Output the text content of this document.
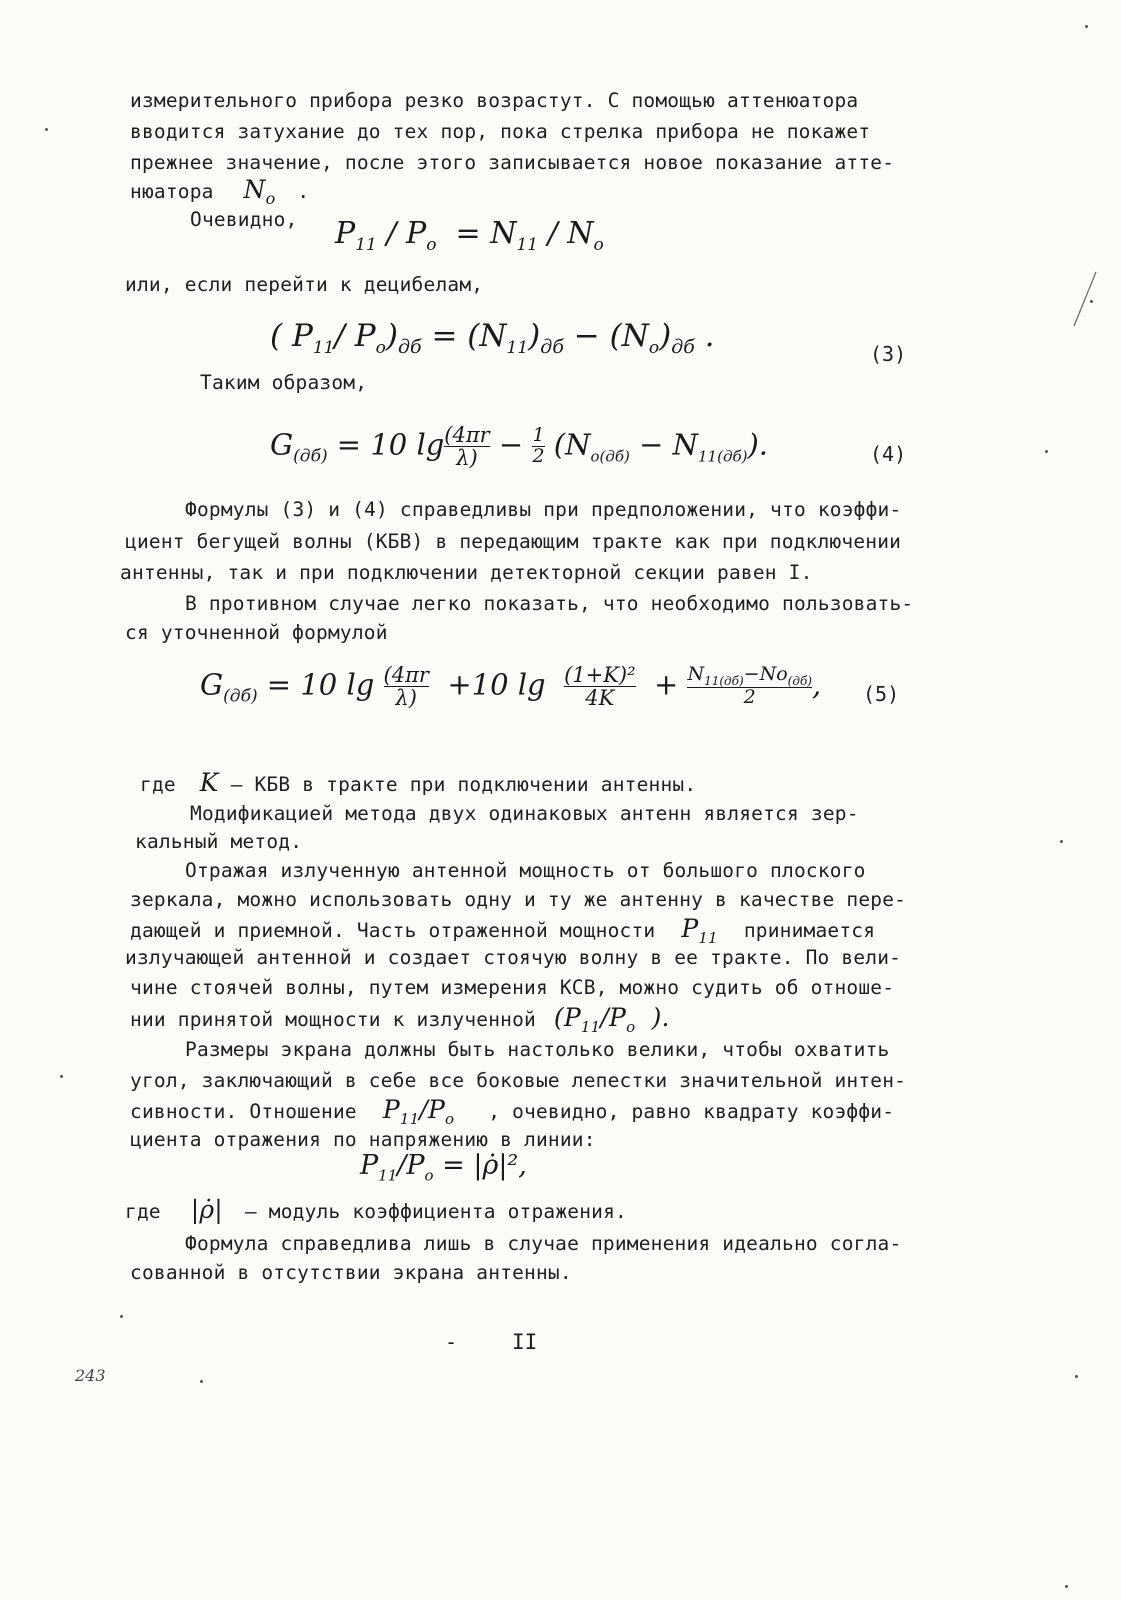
измерительного прибора резко возрастут. С помощью аттенюатора

вводится затухание до тех пор, пока стрелка прибора не покажет

прежнее значение, после этого записывается новое показание атте-

нюатора $N_o$ .

Очевидно, $P_{11} / P_o = N_{11} / N_o$

или, если перейти к децибелам,

( $P_{11}/$ $P_o)_{дб} = (N_{11})_{дб} - (N_o)_{дб}$ .	(3)

Таким образом,

$G_{(дб)} = 10$ $\lg \frac{(4\pi r}{\lambda)} - \frac{1}{2} (N_{o(дб)} - N_{11(дб)})$.	(4)

Формулы (3) и (4) справедливы при предположении, что коэффи-

циент бегущей волны (КБВ) в передающим тракте как при подключении

антенны, так и при подключении детекторной секции равен I.

В противном случае легко показать, что необходимо пользовать-

ся уточненной формулой

$G_{(дб)} = 10$ $\lg \frac{(4\pi r}{\lambda)} +10$ $\lg \frac{\text{(1+K)²}}{4K} + \frac{N_{11(дб)}-No_{(дб)}}{2}$ , (5)

где K – КБВ в тракте при подключении антенны.

Модификацией метода двух одинаковых антенн является зер-

кальный метод.

Отражая излученную антенной мощность от большого плоского

зеркала, можно использовать одну и ту же антенну в качестве пере-

дающей и приемной. Часть отраженной мощности $P_{11}$ принимается

излучающей антенной и создает стоячую волну в ее тракте. По вели-

чине стоячей волны, путем измерения КСВ, можно судить об отноше-

нии принятой мощности к излученной ($P_{11}/P_o$  ).

Размеры экрана должны быть настолько велики, чтобы охватить

угол, заключающий в себе все боковые лепестки значительной интен-

сивности. Отношение $P_{11}/P_o$ , очевидно, равно квадрату коэффи-

циента отражения по напряжению в линии:

$P_{11}/P_o$ = |ρ̇|²,

где |ρ̇| – модуль коэффициента отражения.

Формула справедлива лишь в случае применения идеально согла-

сованной в отсутствии экрана антенны.

-	II
243
